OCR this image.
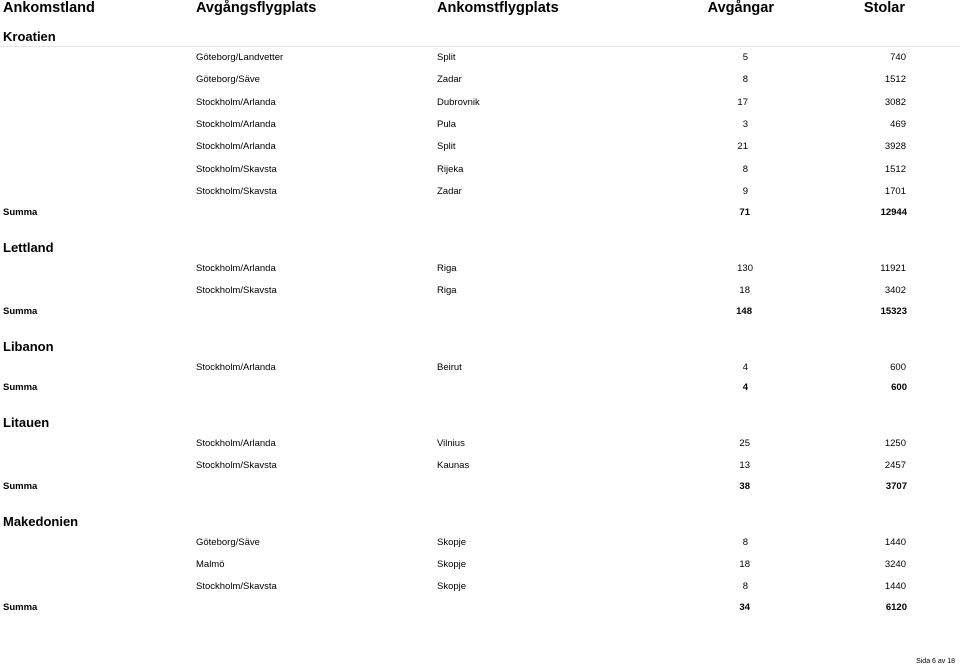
Ankomstland	Avgångsflygplats	Ankomstflygplats	Avgångar	Stolar
Kroatien
Göteborg/Landvetter	Split	5	740
Göteborg/Säve	Zadar	8	1512
Stockholm/Arlanda	Dubrovnik	17	3082
Stockholm/Arlanda	Pula	3	469
Stockholm/Arlanda	Split	21	3928
Stockholm/Skavsta	Rijeka	8	1512
Stockholm/Skavsta	Zadar	9	1701
Summa	71	12944
Lettland
Stockholm/Arlanda	Riga	130	11921
Stockholm/Skavsta	Riga	18	3402
Summa	148	15323
Libanon
Stockholm/Arlanda	Beirut	4	600
Summa	4	600
Litauen
Stockholm/Arlanda	Vilnius	25	1250
Stockholm/Skavsta	Kaunas	13	2457
Summa	38	3707
Makedonien
Göteborg/Säve	Skopje	8	1440
Malmö	Skopje	18	3240
Stockholm/Skavsta	Skopje	8	1440
Summa	34	6120
Sida 6 av 18
